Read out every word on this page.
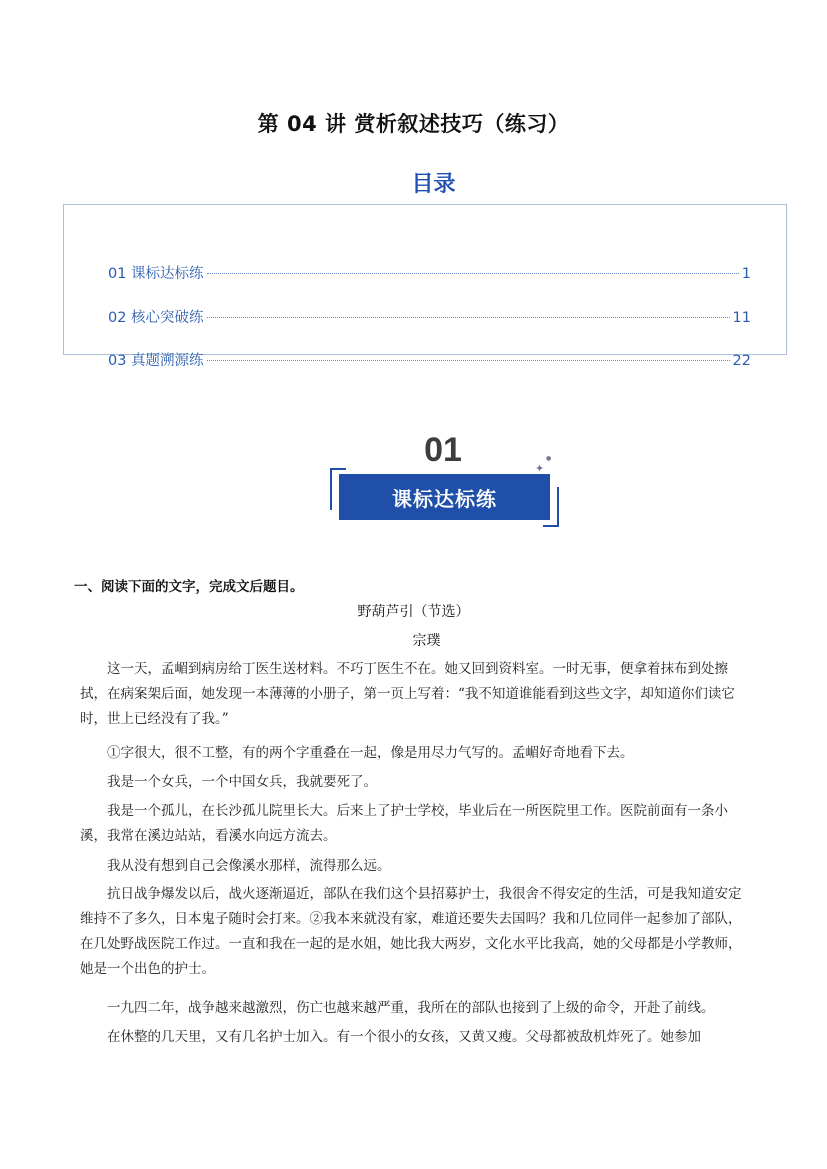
第 04 讲 赏析叙述技巧（练习）
目录
01 课标达标练	1
02 核心突破练	11
03 真题溯源练	22
01
课标达标练
✦
●
一、阅读下面的文字，完成文后题目。
野葫芦引（节选）
宗璞
这一天，孟嵋到病房给丁医生送材料。不巧丁医生不在。她又回到资料室。一时无事，便拿着抹布到处擦拭，在病案架后面，她发现一本薄薄的小册子，第一页上写着：“我不知道谁能看到这些文字，却知道你们读它时，世上已经没有了我。”
①字很大，很不工整，有的两个字重叠在一起，像是用尽力气写的。孟嵋好奇地看下去。
我是一个女兵，一个中国女兵，我就要死了。
我是一个孤儿，在长沙孤儿院里长大。后来上了护士学校，毕业后在一所医院里工作。医院前面有一条小溪，我常在溪边站站，看溪水向远方流去。
我从没有想到自己会像溪水那样，流得那么远。
抗日战争爆发以后，战火逐渐逼近，部队在我们这个县招募护士，我很舍不得安定的生活，可是我知道安定维持不了多久，日本鬼子随时会打来。②我本来就没有家，难道还要失去国吗？我和几位同伴一起参加了部队，在几处野战医院工作过。一直和我在一起的是水姐，她比我大两岁，文化水平比我高，她的父母都是小学教师，她是一个出色的护士。
一九四二年，战争越来越激烈，伤亡也越来越严重，我所在的部队也接到了上级的命令，开赴了前线。
在休整的几天里，又有几名护士加入。有一个很小的女孩，又黄又瘦。父母都被敌机炸死了。她参加
